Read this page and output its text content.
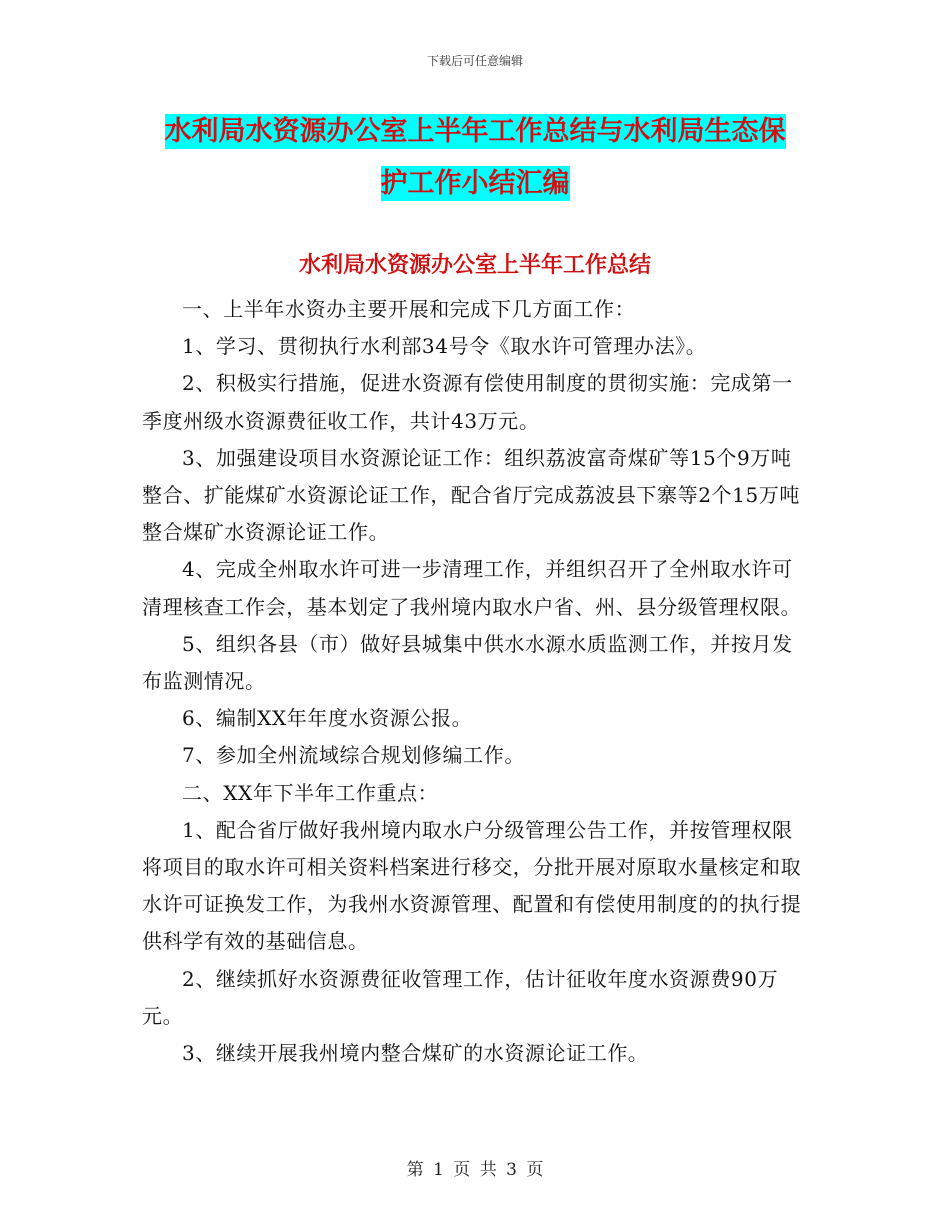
下载后可任意编辑
水利局水资源办公室上半年工作总结与水利局生态保
护工作小结汇编
水利局水资源办公室上半年工作总结

一、上半年水资办主要开展和完成下几方面工作：

1、学习、贯彻执行水利部34号令《取水许可管理办法》。

2、积极实行措施，促进水资源有偿使用制度的贯彻实施：完成第一季度州级水资源费征收工作，共计43万元。

3、加强建设项目水资源论证工作：组织荔波富奇煤矿等15个9万吨整合、扩能煤矿水资源论证工作，配合省厅完成荔波县下寨等2个15万吨整合煤矿水资源论证工作。

4、完成全州取水许可进一步清理工作，并组织召开了全州取水许可清理核查工作会，基本划定了我州境内取水户省、州、县分级管理权限。

5、组织各县（市）做好县城集中供水水源水质监测工作，并按月发布监测情况。

6、编制XX年年度水资源公报。

7、参加全州流域综合规划修编工作。

二、XX年下半年工作重点：

1、配合省厅做好我州境内取水户分级管理公告工作，并按管理权限将项目的取水许可相关资料档案进行移交，分批开展对原取水量核定和取水许可证换发工作，为我州水资源管理、配置和有偿使用制度的的执行提供科学有效的基础信息。

2、继续抓好水资源费征收管理工作，估计征收年度水资源费90万元。

3、继续开展我州境内整合煤矿的水资源论证工作。

第 1 页 共 3 页
